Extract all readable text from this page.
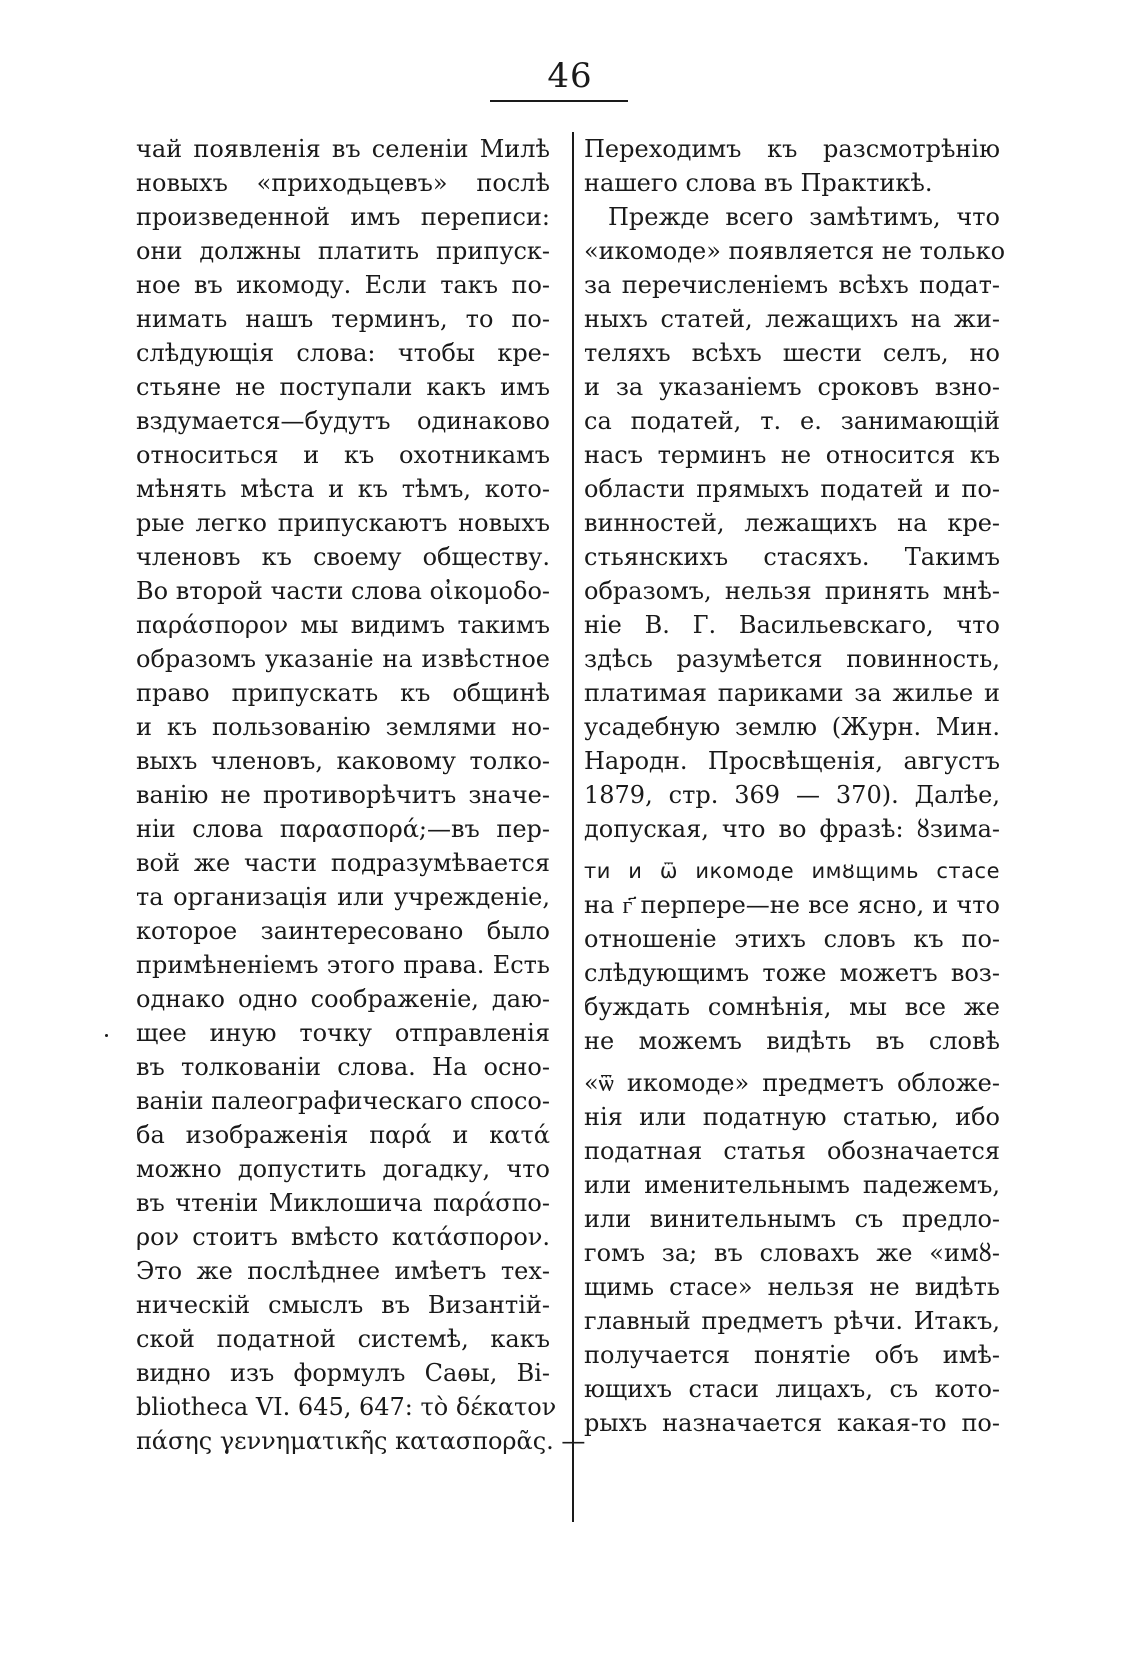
46
чай появленія въ селеніи Милѣ
новыхъ «приходьцевъ» послѣ
произведенной имъ переписи:
они должны платить припуск-
ное въ икомоду. Если такъ по-
нимать нашъ терминъ, то по-
слѣдующія слова: чтобы кре-
стьяне не поступали какъ имъ
вздумается—будутъ одинаково
относиться и къ охотникамъ
мѣнять мѣста и къ тѣмъ, кото-
рые легко припускаютъ новыхъ
членовъ къ своему обществу.
Во второй части слова οἰκομοδο-
παράσπορον мы видимъ такимъ
образомъ указаніе на извѣстное
право припускать къ общинѣ
и къ пользованію землями но-
выхъ членовъ, каковому толко-
ванію не противорѣчитъ значе-
ніи слова παρασπορά;—въ пер-
вой же части подразумѣвается
та организація или учрежденіе,
которое заинтересовано было
примѣненіемъ этого права. Есть
однако одно соображеніе, даю-
щее иную точку отправленія
въ толкованіи слова. На осно-
ваніи палеографическаго спосо-
ба изображенія παρά и κατά
можно допустить догадку, что
въ чтеніи Миклошича παράσπο-
ρον стоитъ вмѣсто κατάσπορον.
Это же послѣднее имѣетъ тех-
ническій смыслъ въ Византій-
ской податной системѣ, какъ
видно изъ формулъ Саѳы, Bi-
bliotheca VI. 645, 647: τὸ δέκατον
πάσης γεννηματικῆς κατασπορᾶς. —
Переходимъ къ разсмотрѣнію
нашего слова въ Практикѣ.
Прежде всего замѣтимъ, что
«икомоде» появляется не только
за перечисленіемъ всѣхъ подат-
ныхъ статей, лежащихъ на жи-
теляхъ всѣхъ шести селъ, но
и за указаніемъ сроковъ взно-
са податей, т. е. занимающій
насъ терминъ не относится къ
области прямыхъ податей и по-
винностей, лежащихъ на кре-
стьянскихъ стасяхъ. Такимъ
образомъ, нельзя принять мнѣ-
ніе В. Г. Васильевскаго, что
здѣсь разумѣется повинность,
платимая париками за жилье и
усадебную землю (Журн. Мин.
Народн. Просвѣщенія, августъ
1879, стр. 369 — 370). Далѣе,
допуская, что во фразѣ: ȣзима-
ти и ѿ икомоде имȣщимь стасе
на г҃ перпере—не все ясно, и что
отношеніе этихъ словъ къ по-
слѣдующимъ тоже можетъ воз-
буждать сомнѣнія, мы все же
не можемъ видѣть въ словѣ
«ѿ икомоде» предметъ обложе-
нія или податную статью, ибо
податная статья обозначается
или именительнымъ падежемъ,
или винительнымъ съ предло-
гомъ за; въ словахъ же «имȣ-
щимь стасе» нельзя не видѣть
главный предметъ рѣчи. Итакъ,
получается понятіе объ имѣ-
ющихъ стаси лицахъ, съ кото-
рыхъ назначается какая-то по-
